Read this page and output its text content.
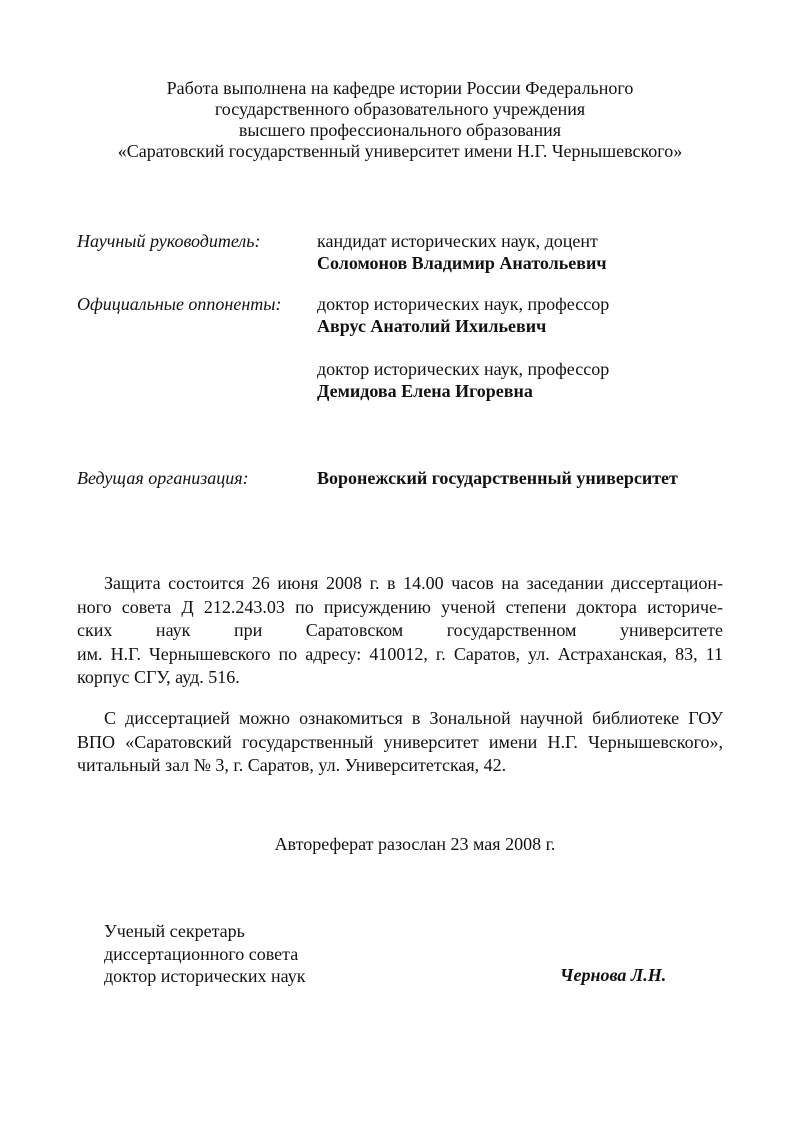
Работа выполнена на кафедре истории России Федерального
государственного образовательного учреждения
высшего профессионального образования
«Саратовский государственный университет имени Н.Г. Чернышевского»
Научный руководитель:	кандидат исторических наук, доцент
Соломонов Владимир Анатольевич
Официальные оппоненты: доктор исторических наук, профессор
Аврус Анатолий Ихильевич
доктор исторических наук, профессор
Демидова Елена Игоревна
Ведущая организация:	Воронежский государственный университет
Защита состоится 26 июня 2008 г. в 14.00 часов на заседании диссертацион-
ного совета Д 212.243.03 по присуждению ученой степени доктора историче-
ских наук при Саратовском государственном университете
им. Н.Г. Чернышевского по адресу: 410012, г. Саратов, ул. Астраханская, 83, 11
корпус СГУ, ауд. 516.
С диссертацией можно ознакомиться в Зональной научной библиотеке ГОУ
ВПО «Саратовский государственный университет имени Н.Г. Чернышевского»,
читальный зал № 3, г. Саратов, ул. Университетская, 42.
Автореферат разослан 23 мая 2008 г.
Ученый секретарь
диссертационного совета
доктор исторических наук	Чернова Л.Н.
